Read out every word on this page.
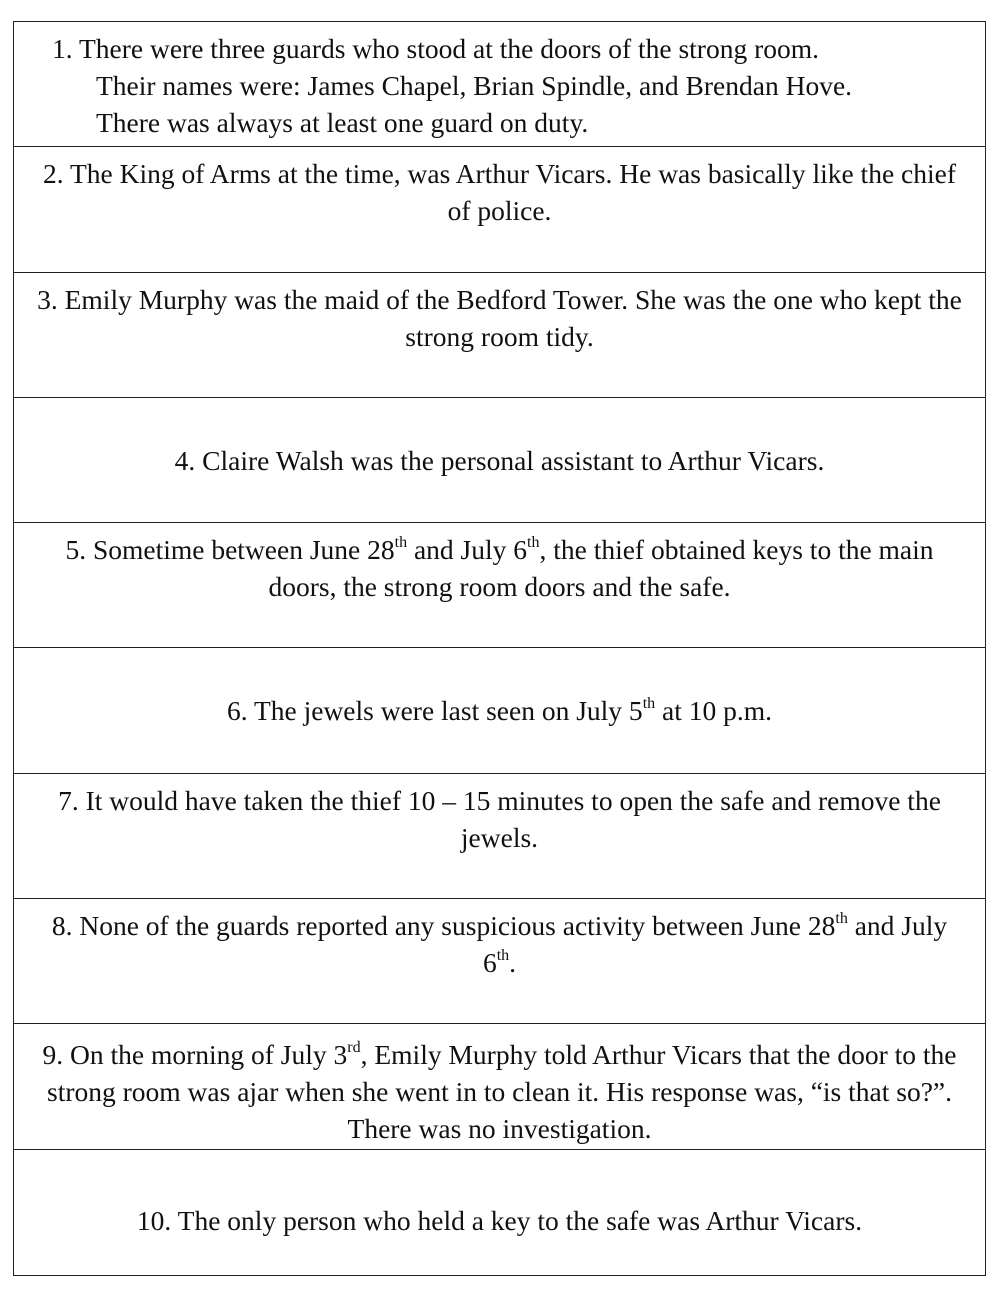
1. There were three guards who stood at the doors of the strong room.
Their names were: James Chapel, Brian Spindle, and Brendan Hove.
There was always at least one guard on duty.
2. The King of Arms at the time, was Arthur Vicars. He was basically like the chief of police.
3. Emily Murphy was the maid of the Bedford Tower. She was the one who kept the strong room tidy.
4. Claire Walsh was the personal assistant to Arthur Vicars.
5. Sometime between June 28th and July 6th, the thief obtained keys to the main doors, the strong room doors and the safe.
6. The jewels were last seen on July 5th at 10 p.m.
7. It would have taken the thief 10 – 15 minutes to open the safe and remove the jewels.
8. None of the guards reported any suspicious activity between June 28th and July 6th.
9. On the morning of July 3rd, Emily Murphy told Arthur Vicars that the door to the strong room was ajar when she went in to clean it. His response was, “is that so?”. There was no investigation.
10. The only person who held a key to the safe was Arthur Vicars.
